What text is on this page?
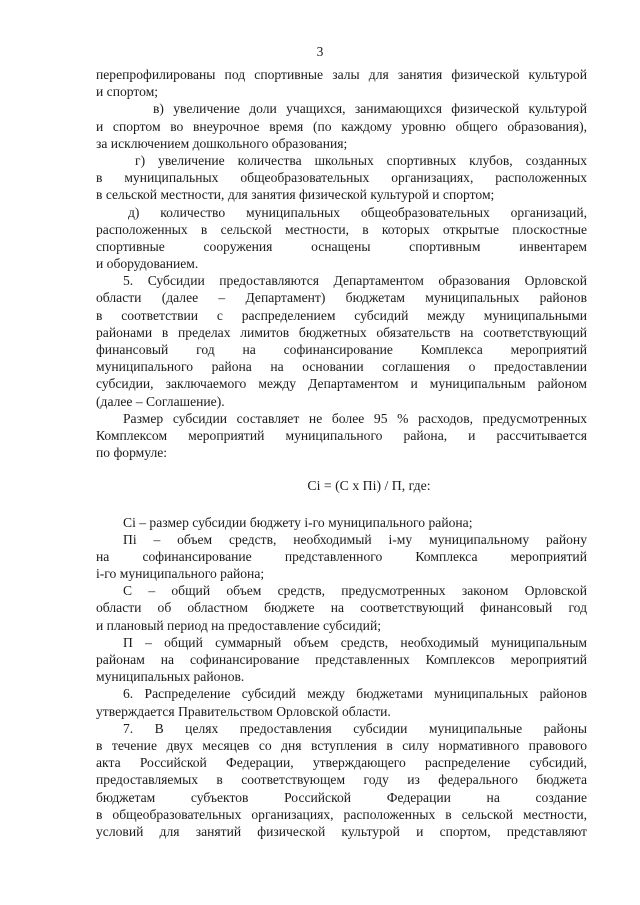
3
перепрофилированы под спортивные залы для занятия физической культурой
и спортом;
в) увеличение доли учащихся, занимающихся физической культурой
и спортом во внеурочное время (по каждому уровню общего образования),
за исключением дошкольного образования;
г) увеличение количества школьных спортивных клубов, созданных
в муниципальных общеобразовательных организациях, расположенных
в сельской местности, для занятия физической культурой и спортом;
д) количество муниципальных общеобразовательных организаций,
расположенных в сельской местности, в которых открытые плоскостные
спортивные сооружения оснащены спортивным инвентарем
и оборудованием.
5. Субсидии предоставляются Департаментом образования Орловской
области (далее – Департамент) бюджетам муниципальных районов
в соответствии с распределением субсидий между муниципальными
районами в пределах лимитов бюджетных обязательств на соответствующий
финансовый год на софинансирование Комплекса мероприятий
муниципального района на основании соглашения о предоставлении
субсидии, заключаемого между Департаментом и муниципальным районом
(далее – Соглашение).
Размер субсидии составляет не более 95 % расходов, предусмотренных
Комплексом мероприятий муниципального района, и рассчитывается
по формуле:
Сi = (С х Пi) / П, где:
Сi – размер субсидии бюджету i-го муниципального района;
Пi – объем средств, необходимый i-му муниципальному району
на софинансирование представленного Комплекса мероприятий
i-го муниципального района;
С – общий объем средств, предусмотренных законом Орловской
области об областном бюджете на соответствующий финансовый год
и плановый период на предоставление субсидий;
П – общий суммарный объем средств, необходимый муниципальным
районам на софинансирование представленных Комплексов мероприятий
муниципальных районов.
6. Распределение субсидий между бюджетами муниципальных районов
утверждается Правительством Орловской области.
7. В целях предоставления субсидии муниципальные районы
в течение двух месяцев со дня вступления в силу нормативного правового
акта Российской Федерации, утверждающего распределение субсидий,
предоставляемых в соответствующем году из федерального бюджета
бюджетам субъектов Российской Федерации на создание
в общеобразовательных организациях, расположенных в сельской местности,
условий для занятий физической культурой и спортом, представляют
